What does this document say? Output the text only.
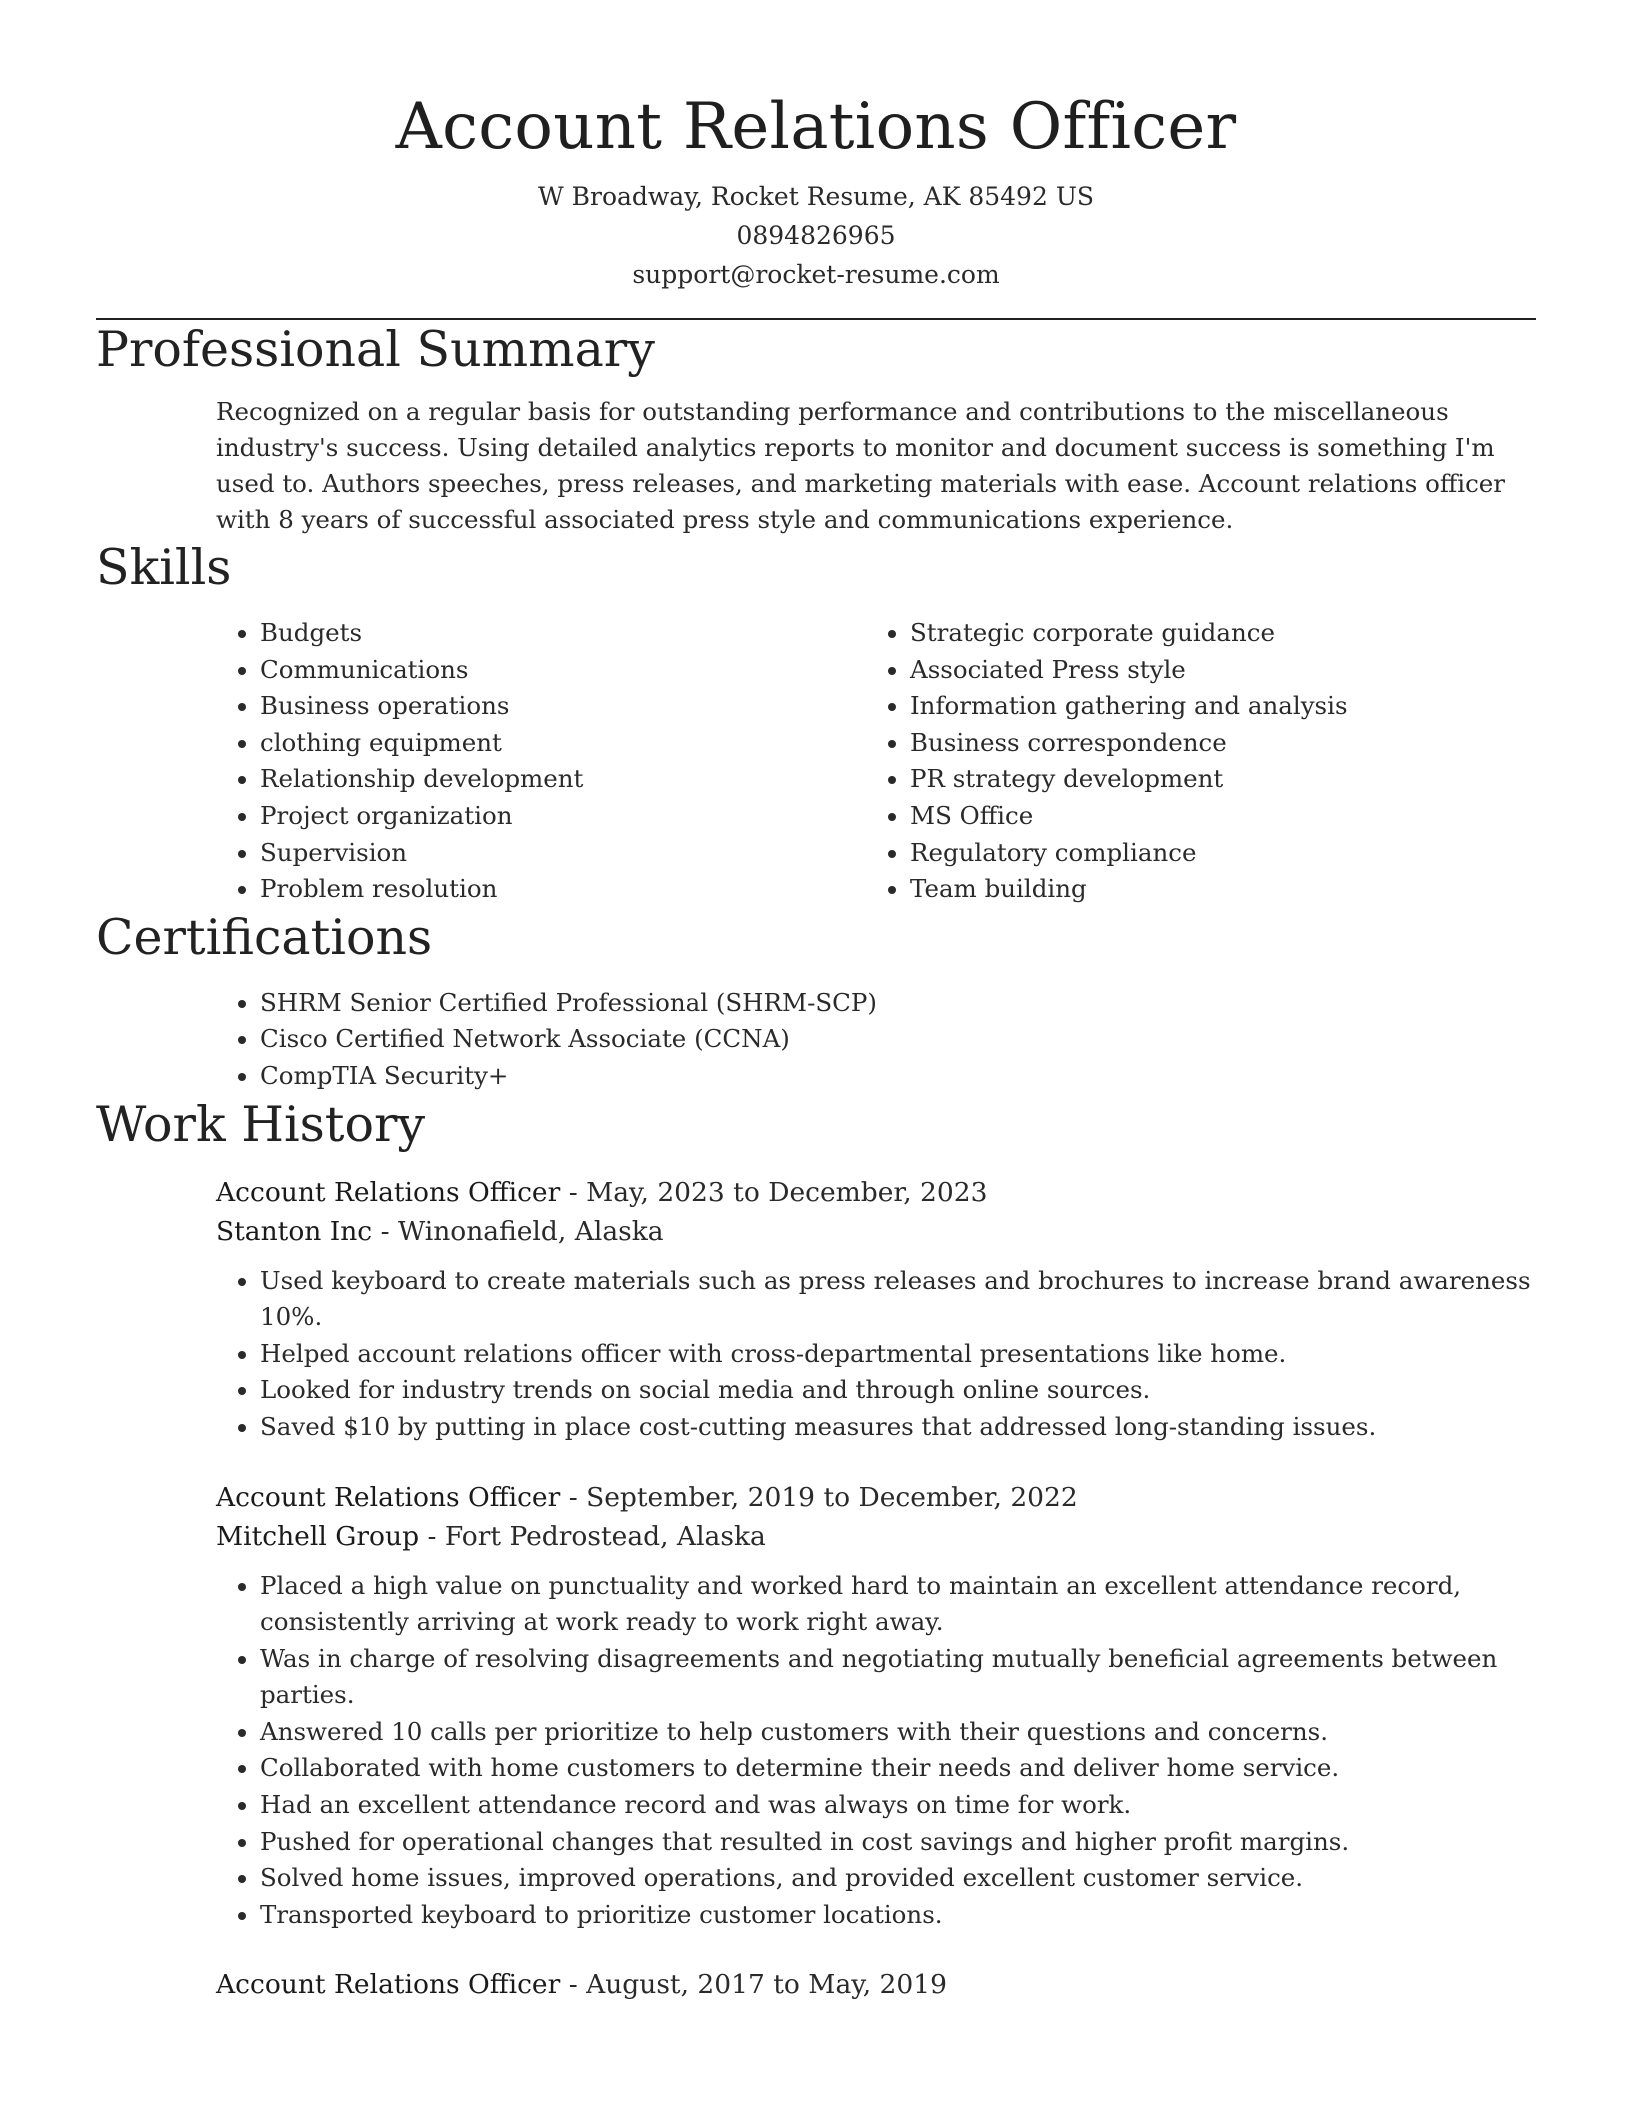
Account Relations Officer
W Broadway, Rocket Resume, AK 85492 US
0894826965
support@rocket-resume.com
Professional Summary

Recognized on a regular basis for outstanding performance and contributions to the miscellaneous industry's success. Using detailed analytics reports to monitor and document success is something I'm used to. Authors speeches, press releases, and marketing materials with ease. Account relations officer with 8 years of successful associated press style and communications experience.

Skills
• Budgets
• Communications
• Business operations
• clothing equipment
• Relationship development
• Project organization
• Supervision
• Problem resolution
• Strategic corporate guidance
• Associated Press style
• Information gathering and analysis
• Business correspondence
• PR strategy development
• MS Office
• Regulatory compliance
• Team building
Certifications
• SHRM Senior Certified Professional (SHRM-SCP)
• Cisco Certified Network Associate (CCNA)
• CompTIA Security+
Work History
Account Relations Officer - May, 2023 to December, 2023
Stanton Inc - Winonafield, Alaska
• Used keyboard to create materials such as press releases and brochures to increase brand awareness 10%.
• Helped account relations officer with cross-departmental presentations like home.
• Looked for industry trends on social media and through online sources.
• Saved $10 by putting in place cost-cutting measures that addressed long-standing issues.
Account Relations Officer - September, 2019 to December, 2022
Mitchell Group - Fort Pedrostead, Alaska
• Placed a high value on punctuality and worked hard to maintain an excellent attendance record, consistently arriving at work ready to work right away.
• Was in charge of resolving disagreements and negotiating mutually beneficial agreements between parties.
• Answered 10 calls per prioritize to help customers with their questions and concerns.
• Collaborated with home customers to determine their needs and deliver home service.
• Had an excellent attendance record and was always on time for work.
• Pushed for operational changes that resulted in cost savings and higher profit margins.
• Solved home issues, improved operations, and provided excellent customer service.
• Transported keyboard to prioritize customer locations.
Account Relations Officer - August, 2017 to May, 2019
